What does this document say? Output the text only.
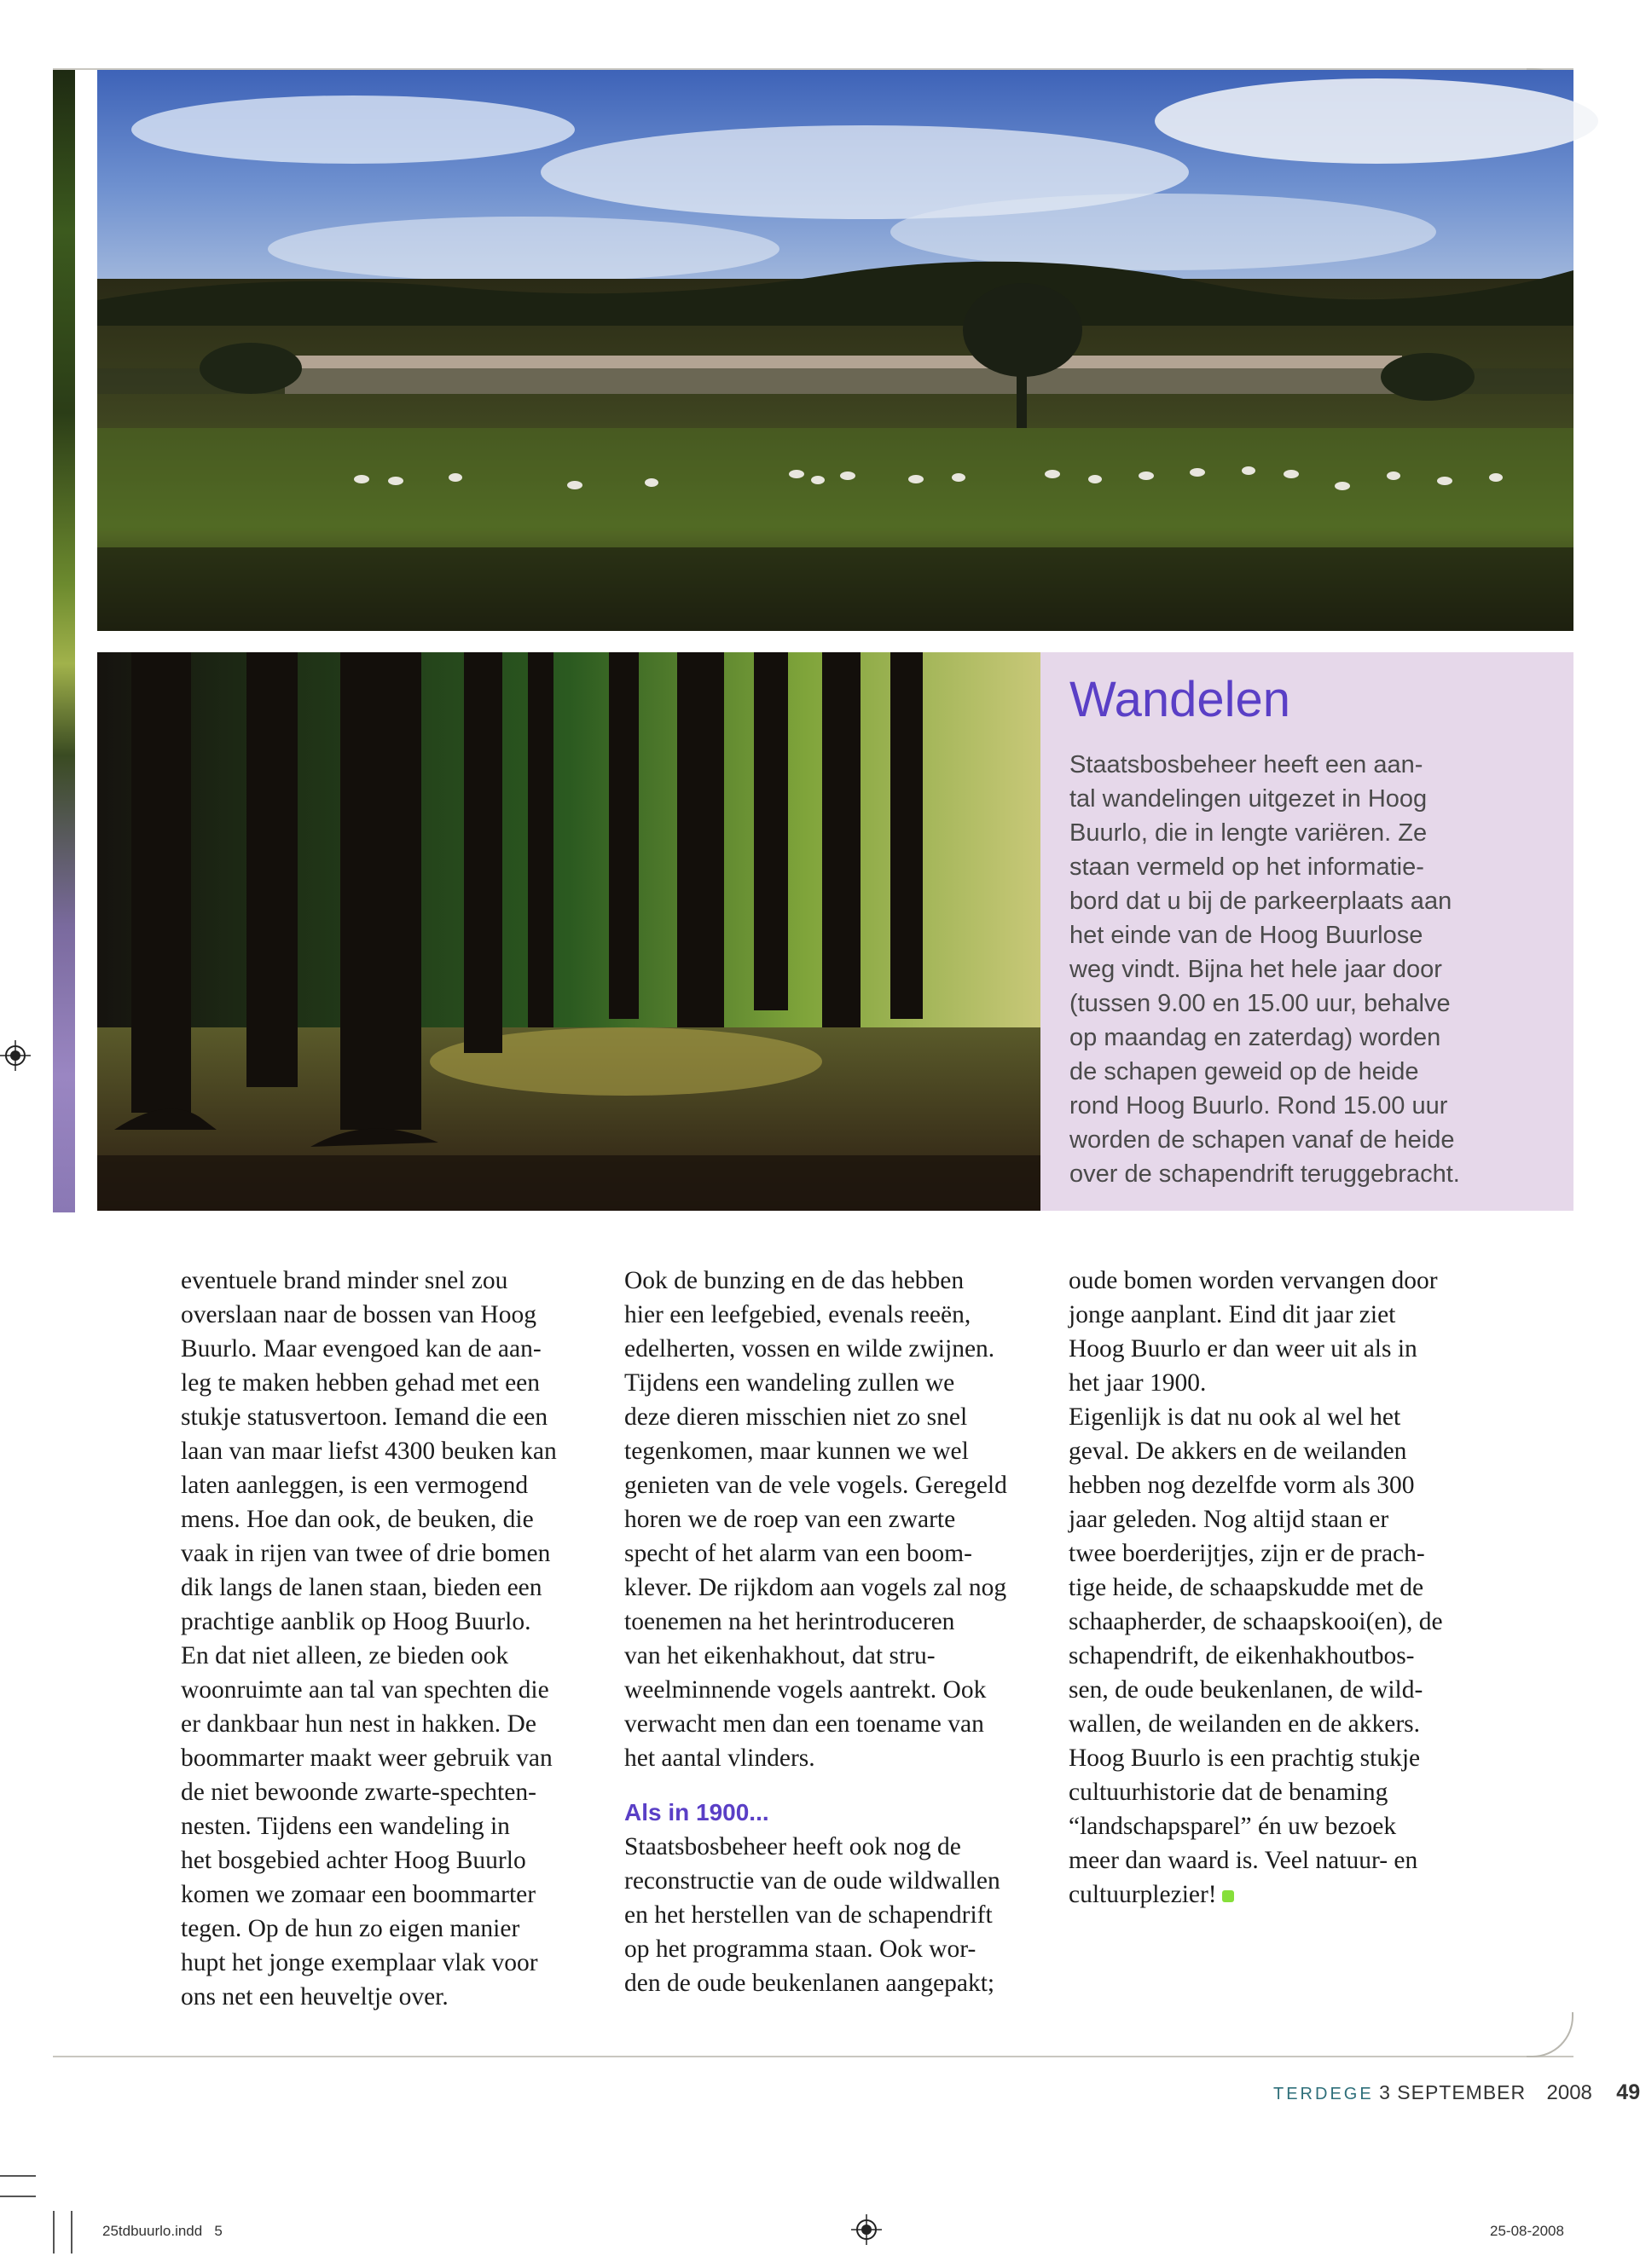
Wandelen

Staatsbosbeheer heeft een aan-
tal wandelingen uitgezet in Hoog
Buurlo, die in lengte variëren. Ze
staan vermeld op het informatie-
bord dat u bij de parkeerplaats aan
het einde van de Hoog Buurlose
weg vindt. Bijna het hele jaar door
(tussen 9.00 en 15.00 uur, behalve
op maandag en zaterdag) worden
de schapen geweid op de heide
rond Hoog Buurlo. Rond 15.00 uur
worden de schapen vanaf de heide
over de schapendrift teruggebracht.

eventuele brand minder snel zou
overslaan naar de bossen van Hoog
Buurlo. Maar evengoed kan de aan-
leg te maken hebben gehad met een
stukje statusvertoon. Iemand die een
laan van maar liefst 4300 beuken kan
laten aanleggen, is een vermogend
mens. Hoe dan ook, de beuken, die
vaak in rijen van twee of drie bomen
dik langs de lanen staan, bieden een
prachtige aanblik op Hoog Buurlo.
En dat niet alleen, ze bieden ook
woonruimte aan tal van spechten die
er dankbaar hun nest in hakken. De
boommarter maakt weer gebruik van
de niet bewoonde zwarte-spechten-
nesten. Tijdens een wandeling in
het bosgebied achter Hoog Buurlo
komen we zomaar een boommarter
tegen. Op de hun zo eigen manier
hupt het jonge exemplaar vlak voor
ons net een heuveltje over.
Ook de bunzing en de das hebben
hier een leefgebied, evenals reeën,
edelherten, vossen en wilde zwijnen.
Tijdens een wandeling zullen we
deze dieren misschien niet zo snel
tegenkomen, maar kunnen we wel
genieten van de vele vogels. Geregeld
horen we de roep van een zwarte
specht of het alarm van een boom-
klever. De rijkdom aan vogels zal nog
toenemen na het herintroduceren
van het eikenhakhout, dat stru-
weelminnende vogels aantrekt. Ook
verwacht men dan een toename van
het aantal vlinders.
Als in 1900...
Staatsbosbeheer heeft ook nog de
reconstructie van de oude wildwallen
en het herstellen van de schapendrift
op het programma staan. Ook wor-
den de oude beukenlanen aangepakt;
oude bomen worden vervangen door
jonge aanplant. Eind dit jaar ziet
Hoog Buurlo er dan weer uit als in
het jaar 1900.
Eigenlijk is dat nu ook al wel het
geval. De akkers en de weilanden
hebben nog dezelfde vorm als 300
jaar geleden. Nog altijd staan er
twee boerderijtjes, zijn er de prach-
tige heide, de schaapskudde met de
schaapherder, de schaapskooi(en), de
schapendrift, de eikenhakhoutbos-
sen, de oude beukenlanen, de wild-
wallen, de weilanden en de akkers.
Hoog Buurlo is een prachtig stukje
cultuurhistorie dat de benaming
“landschapsparel” én uw bezoek
meer dan waard is. Veel natuur- en
cultuurplezier!
TERDEGE 3 SEPTEMBER 2008 49
25tdbuurlo.indd   5	25-08-2008
